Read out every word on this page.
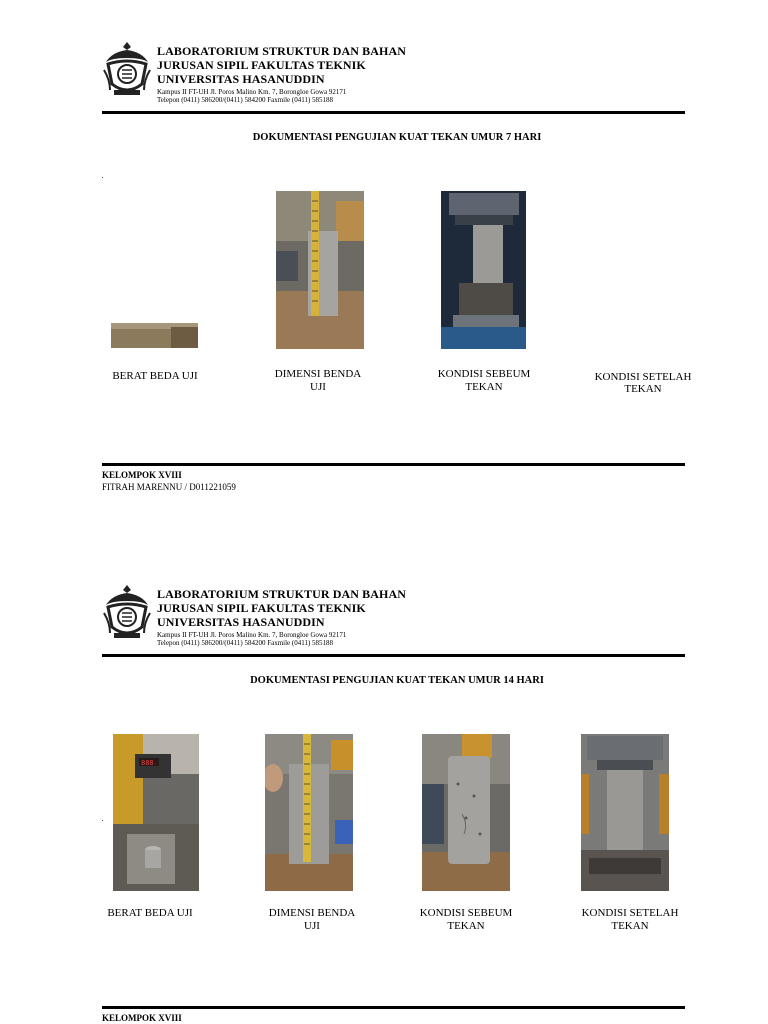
LABORATORIUM STRUKTUR DAN BAHAN
JURUSAN SIPIL FAKULTAS TEKNIK
UNIVERSITAS HASANUDDIN
Kampus II FT-UH Jl. Poros Malino Km. 7, Borongloe Gowa 92171
Telepon (0411) 586200/(0411) 584200 Faxmile (0411) 585188
DOKUMENTASI PENGUJIAN KUAT TEKAN UMUR 7 HARI
BERAT BEDA UJI	DIMENSI BENDA
UJI
KONDISI SEBEUM
TEKAN
KONDISI SETELAH
TEKAN
KELOMPOK XVIII
FITRAH MARENNU / D011221059
LABORATORIUM STRUKTUR DAN BAHAN
JURUSAN SIPIL FAKULTAS TEKNIK
UNIVERSITAS HASANUDDIN
Kampus II FT-UH Jl. Poros Malino Km. 7, Borongloe Gowa 92171
Telepon (0411) 586200/(0411) 584200 Faxmile (0411) 585188
DOKUMENTASI PENGUJIAN KUAT TEKAN UMUR 14 HARI
888
BERAT BEDA UJI	DIMENSI BENDA
UJI
KONDISI SEBEUM
TEKAN
KONDISI SETELAH
TEKAN
KELOMPOK XVIII
